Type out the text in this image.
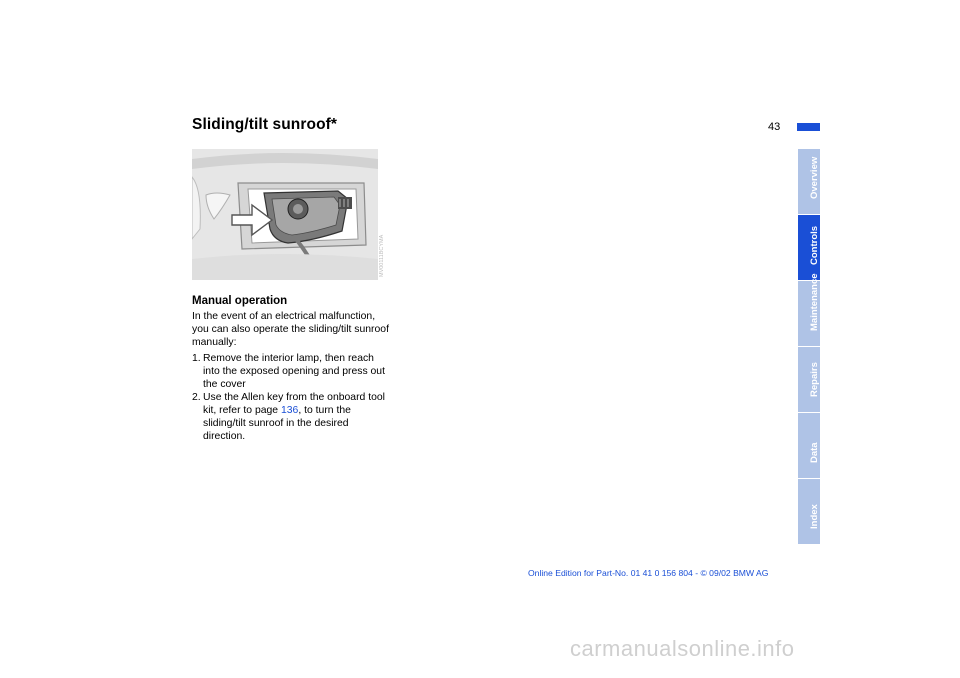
43
Sliding/tilt sunroof*
MV00111BCYMA
Manual operation

In the event of an electrical malfunction, you can also operate the sliding/tilt sunroof manually:

1. Remove the interior lamp, then reach into the exposed opening and press out the cover
2. Use the Allen key from the onboard tool kit, refer to page 136, to turn the sliding/tilt sunroof in the desired direction.
Overview
Controls
Maintenance
Repairs
Data
Index
Online Edition for Part-No. 01 41 0 156 804 - © 09/02 BMW AG
carmanualsonline.info
